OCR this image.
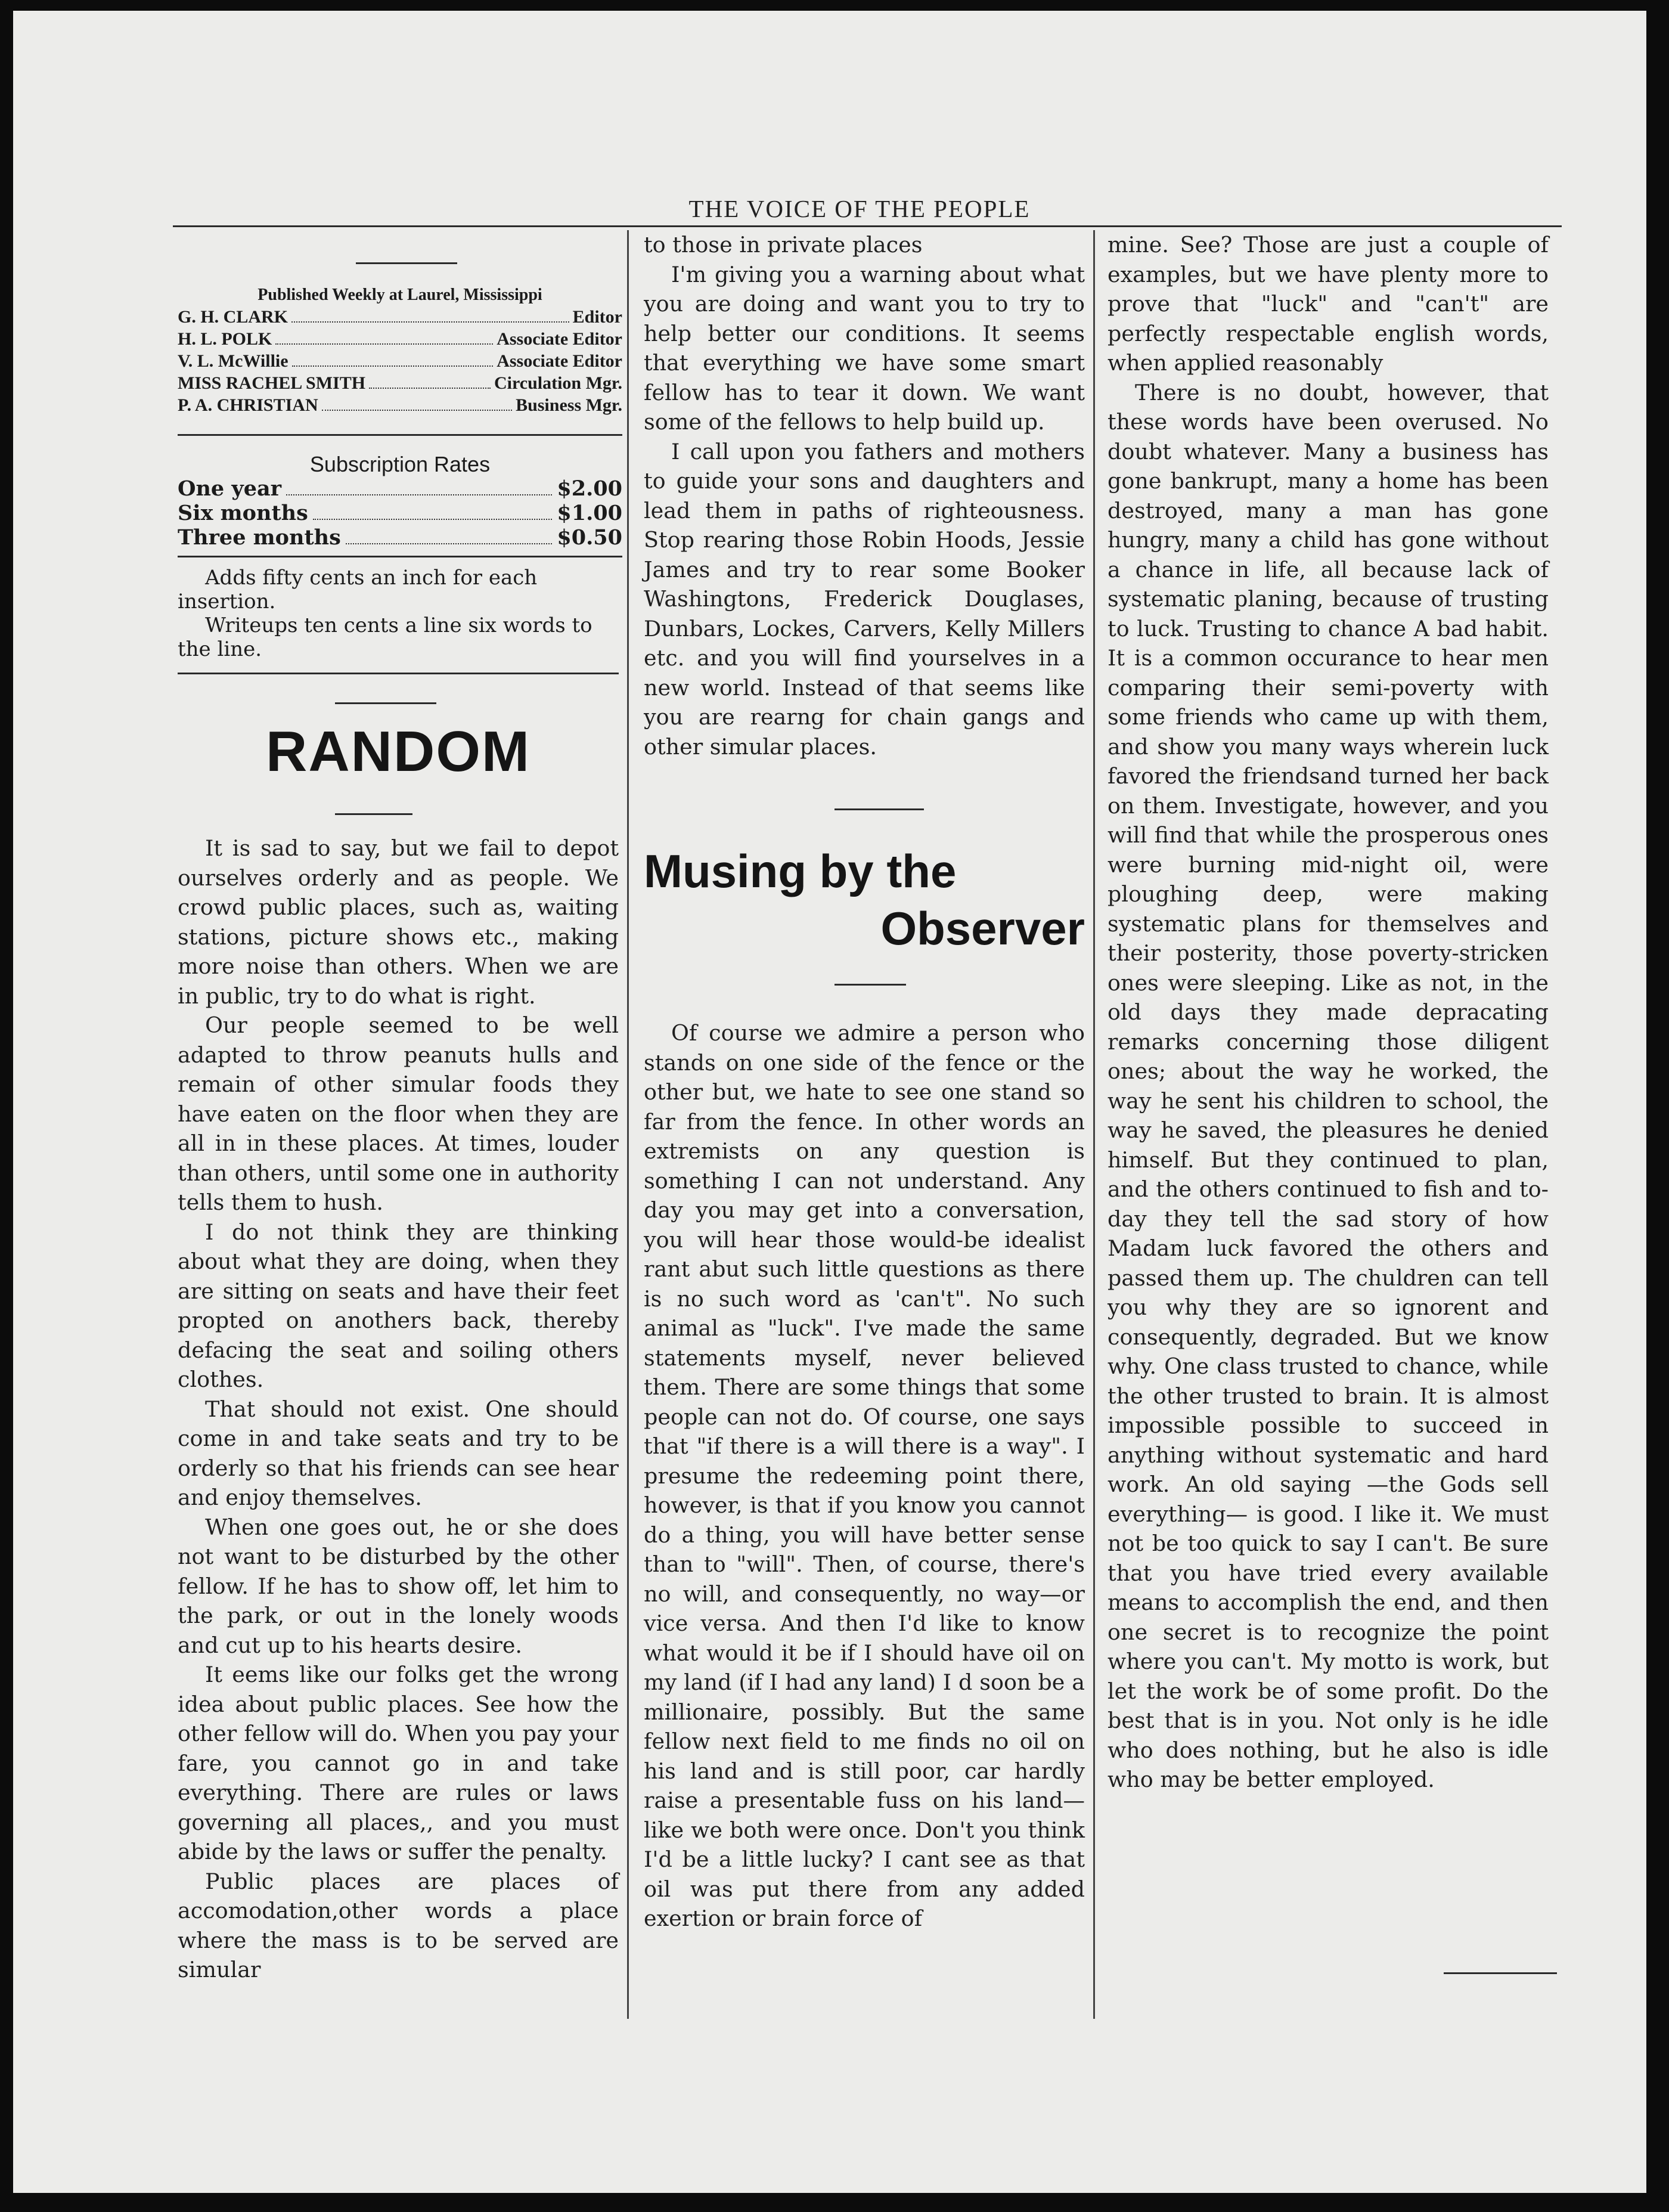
THE VOICE OF THE PEOPLE
Published Weekly at Laurel, Mississippi
G. H. CLARK	Editor
H. L. POLK	Associate Editor
V. L. McWillie	Associate Editor
MISS RACHEL SMITH	Circulation Mgr.
P. A. CHRISTIAN	Business Mgr.
Subscription Rates
One year	$2.00
Six months	$1.00
Three months	$0.50

Adds fifty cents an inch for each insertion.

Writeups ten cents a line six words to the line.

RANDOM

It is sad to say, but we fail to depot ourselves orderly and as people. We crowd public places, such as, waiting stations, picture shows etc., making more noise than others. When we are in public, try to do what is right.

Our people seemed to be well adapted to throw peanuts hulls and remain of other simular foods they have eaten on the floor when they are all in in these places. At times, louder than others, until some one in authority tells them to hush.

I do not think they are thinking about what they are doing, when they are sitting on seats and have their feet propted on anothers back, thereby defacing the seat and soiling others clothes.

That should not exist. One should come in and take seats and try to be orderly so that his friends can see hear and enjoy themselves.

When one goes out, he or she does not want to be disturbed by the other fellow. If he has to show off, let him to the park, or out in the lonely woods and cut up to his hearts desire.

It eems like our folks get the wrong idea about public places. See how the other fellow will do. When you pay your fare, you cannot go in and take everything. There are rules or laws governing all places,, and you must abide by the laws or suffer the penalty.

Public places are places of accomodation,other words a place where the mass is to be served are simular

to those in private places

I'm giving you a warning about what you are doing and want you to try to help better our conditions. It seems that everything we have some smart fellow has to tear it down. We want some of the fellows to help build up.

I call upon you fathers and mothers to guide your sons and daughters and lead them in paths of righteousness. Stop rearing those Robin Hoods, Jessie James and try to rear some Booker Washingtons, Frederick Douglases, Dunbars, Lockes, Carvers, Kelly Millers etc. and you will find yourselves in a new world. Instead of that seems like you are rearng for chain gangs and other simular places.

Musing by the
Observer

Of course we admire a person who stands on one side of the fence or the other but, we hate to see one stand so far from the fence. In other words an extremists on any question is something I can not understand. Any day you may get into a conversation, you will hear those would-be idealist rant abut such little questions as there is no such word as 'can't". No such animal as "luck". I've made the same statements myself, never believed them. There are some things that some people can not do. Of course, one says that "if there is a will there is a way". I presume the redeeming point there, however, is that if you know you cannot do a thing, you will have better sense than to "will". Then, of course, there's no will, and consequently, no way—or vice versa. And then I'd like to know what would it be if I should have oil on my land (if I had any land) I d soon be a millionaire, possibly. But the same fellow next field to me finds no oil on his land and is still poor, car hardly raise a presentable fuss on his land—like we both were once. Don't you think I'd be a little lucky? I cant see as that oil was put there from any added exertion or brain force of

mine. See? Those are just a couple of examples, but we have plenty more to prove that "luck" and "can't" are perfectly respectable english words, when applied reasonably

There is no doubt, however, that these words have been overused. No doubt whatever. Many a business has gone bankrupt, many a home has been destroyed, many a man has gone hungry, many a child has gone without a chance in life, all because lack of systematic planing, because of trusting to luck. Trusting to chance A bad habit. It is a common occurance to hear men comparing their semi-poverty with some friends who came up with them, and show you many ways wherein luck favored the friendsand turned her back on them. Investigate, however, and you will find that while the prosperous ones were burning mid-night oil, were ploughing deep, were making systematic plans for themselves and their posterity, those poverty-stricken ones were sleeping. Like as not, in the old days they made depracating remarks concerning those diligent ones; about the way he worked, the way he sent his children to school, the way he saved, the pleasures he denied himself. But they continued to plan, and the others continued to fish and to-day they tell the sad story of how Madam luck favored the others and passed them up. The chuldren can tell you why they are so ignorent and consequently, degraded. But we know why. One class trusted to chance, while the other trusted to brain. It is almost impossible possible to succeed in anything without systematic and hard work. An old saying —the Gods sell everything— is good. I like it. We must not be too quick to say I can't. Be sure that you have tried every available means to accomplish the end, and then one secret is to recognize the point where you can't. My motto is work, but let the work be of some profit. Do the best that is in you. Not only is he idle who does nothing, but he also is idle who may be better employed.
